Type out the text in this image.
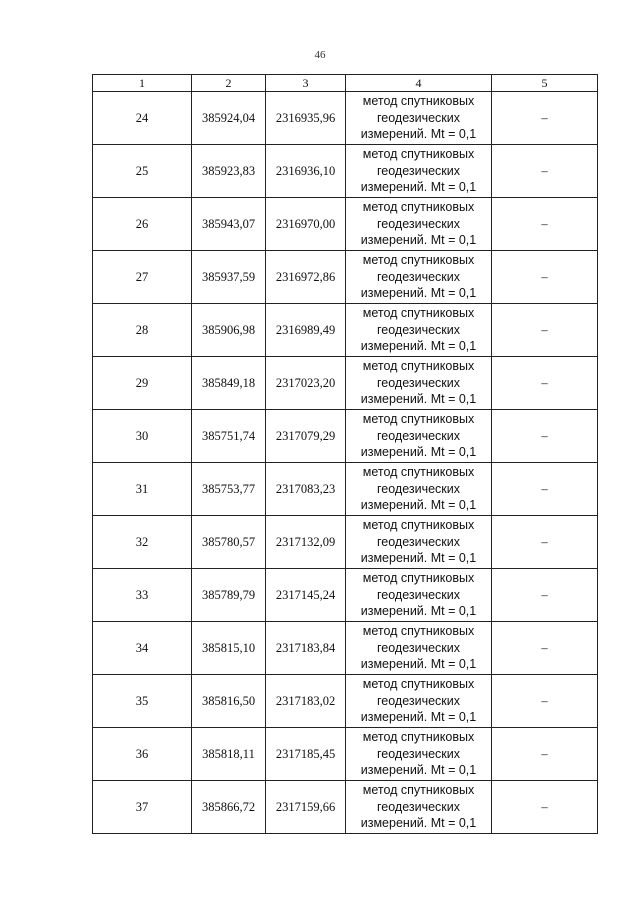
46
1	2	3	4	5
24	385924,04	2316935,96	метод спутниковых
геодезических
измерений. Mt = 0,1	–
25	385923,83	2316936,10	метод спутниковых
геодезических
измерений. Mt = 0,1	–
26	385943,07	2316970,00	метод спутниковых
геодезических
измерений. Mt = 0,1	–
27	385937,59	2316972,86	метод спутниковых
геодезических
измерений. Mt = 0,1	–
28	385906,98	2316989,49	метод спутниковых
геодезических
измерений. Mt = 0,1	–
29	385849,18	2317023,20	метод спутниковых
геодезических
измерений. Mt = 0,1	–
30	385751,74	2317079,29	метод спутниковых
геодезических
измерений. Mt = 0,1	–
31	385753,77	2317083,23	метод спутниковых
геодезических
измерений. Mt = 0,1	–
32	385780,57	2317132,09	метод спутниковых
геодезических
измерений. Mt = 0,1	–
33	385789,79	2317145,24	метод спутниковых
геодезических
измерений. Mt = 0,1	–
34	385815,10	2317183,84	метод спутниковых
геодезических
измерений. Mt = 0,1	–
35	385816,50	2317183,02	метод спутниковых
геодезических
измерений. Mt = 0,1	–
36	385818,11	2317185,45	метод спутниковых
геодезических
измерений. Mt = 0,1	–
37	385866,72	2317159,66	метод спутниковых
геодезических
измерений. Mt = 0,1	–
